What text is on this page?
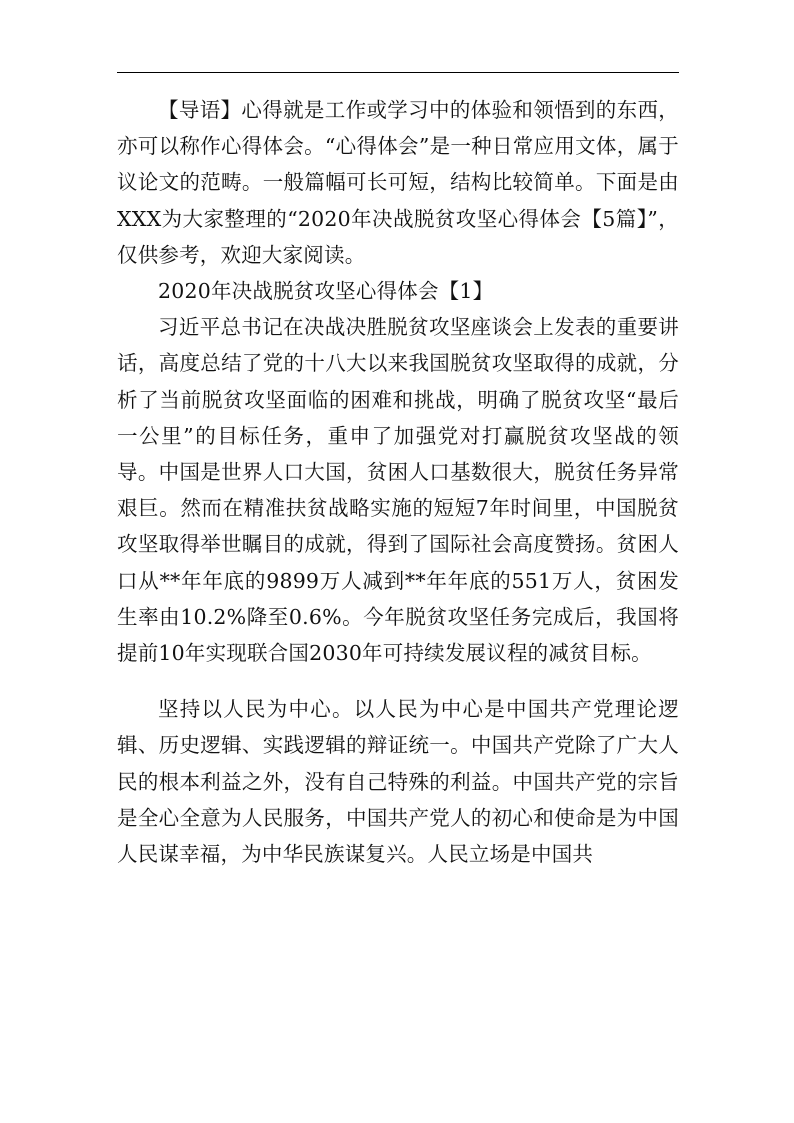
【导语】心得就是工作或学习中的体验和领悟到的东西，亦可以称作心得体会。“心得体会”是一种日常应用文体，属于议论文的范畴。一般篇幅可长可短，结构比较简单。下面是由XXX为大家整理的“2020年决战脱贫攻坚心得体会【5篇】”，仅供参考，欢迎大家阅读。

2020年决战脱贫攻坚心得体会【1】

习近平总书记在决战决胜脱贫攻坚座谈会上发表的重要讲话，高度总结了党的十八大以来我国脱贫攻坚取得的成就，分析了当前脱贫攻坚面临的困难和挑战，明确了脱贫攻坚“最后一公里”的目标任务，重申了加强党对打赢脱贫攻坚战的领导。中国是世界人口大国，贫困人口基数很大，脱贫任务异常艰巨。然而在精准扶贫战略实施的短短7年时间里，中国脱贫攻坚取得举世瞩目的成就，得到了国际社会高度赞扬。贫困人口从**年年底的9899万人减到**年年底的551万人，贫困发生率由10.2%降至0.6%。今年脱贫攻坚任务完成后，我国将提前10年实现联合国2030年可持续发展议程的减贫目标。

坚持以人民为中心。以人民为中心是中国共产党理论逻辑、历史逻辑、实践逻辑的辩证统一。中国共产党除了广大人民的根本利益之外，没有自己特殊的利益。中国共产党的宗旨是全心全意为人民服务，中国共产党人的初心和使命是为中国人民谋幸福，为中华民族谋复兴。人民立场是中国共
